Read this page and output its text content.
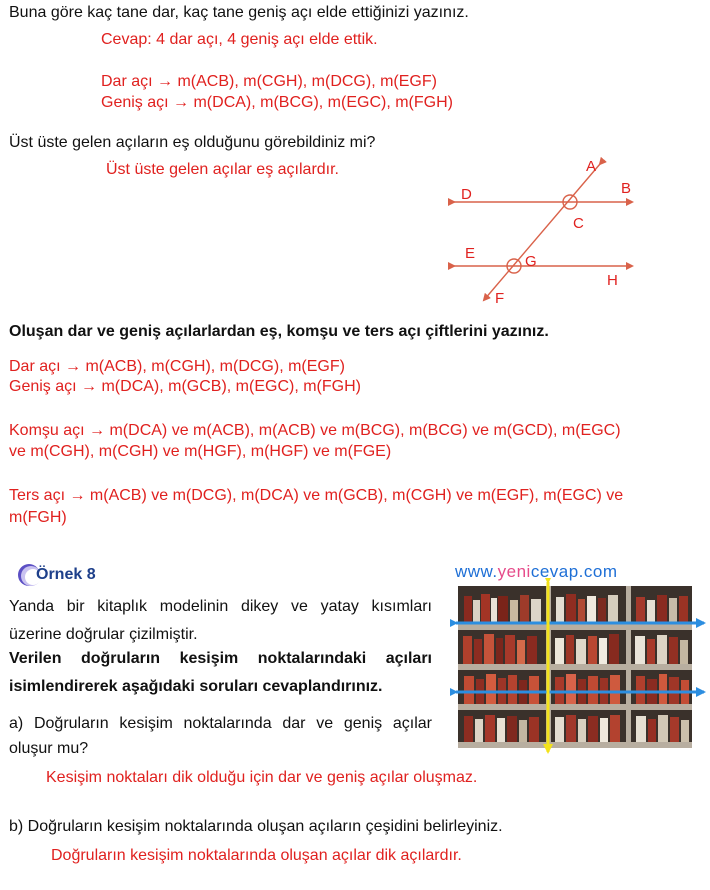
Buna göre kaç tane dar, kaç tane geniş açı elde ettiğinizi yazınız.
Cevap: 4 dar açı, 4 geniş açı elde ettik.
Dar açı → m(ACB), m(CGH), m(DCG), m(EGF)
Geniş açı → m(DCA), m(BCG), m(EGC), m(FGH)
Üst üste gelen açıların eş olduğunu görebildiniz mi?
Üst üste gelen açılar eş açılardır.	A
B
C
D
E
F
G
H
Oluşan dar ve geniş açılarlardan eş, komşu ve ters açı çiftlerini yazınız.
Dar açı → m(ACB), m(CGH), m(DCG), m(EGF)
Geniş açı → m(DCA), m(GCB), m(EGC), m(FGH)
Komşu açı → m(DCA) ve m(ACB), m(ACB) ve m(BCG), m(BCG) ve m(GCD), m(EGC)
ve m(CGH), m(CGH) ve m(HGF), m(HGF) ve m(FGE)
Ters açı → m(ACB) ve m(DCG), m(DCA) ve m(GCB), m(CGH) ve m(EGF), m(EGC) ve
m(FGH)
Örnek 8	www.yenicevap.com
Yanda bir kitaplık modelinin dikey ve yatay kısımları
üzerine doğrular çizilmiştir.
Verilen doğruların kesişim noktalarındaki açıları
isimlendirerek aşağıdaki soruları cevaplandırınız.
a) Doğruların kesişim noktalarında dar ve geniş açılar
oluşur mu?
Kesişim noktaları dik olduğu için dar ve geniş açılar oluşmaz.
b) Doğruların kesişim noktalarında oluşan açıların çeşidini belirleyiniz.
Doğruların kesişim noktalarında oluşan açılar dik açılardır.
